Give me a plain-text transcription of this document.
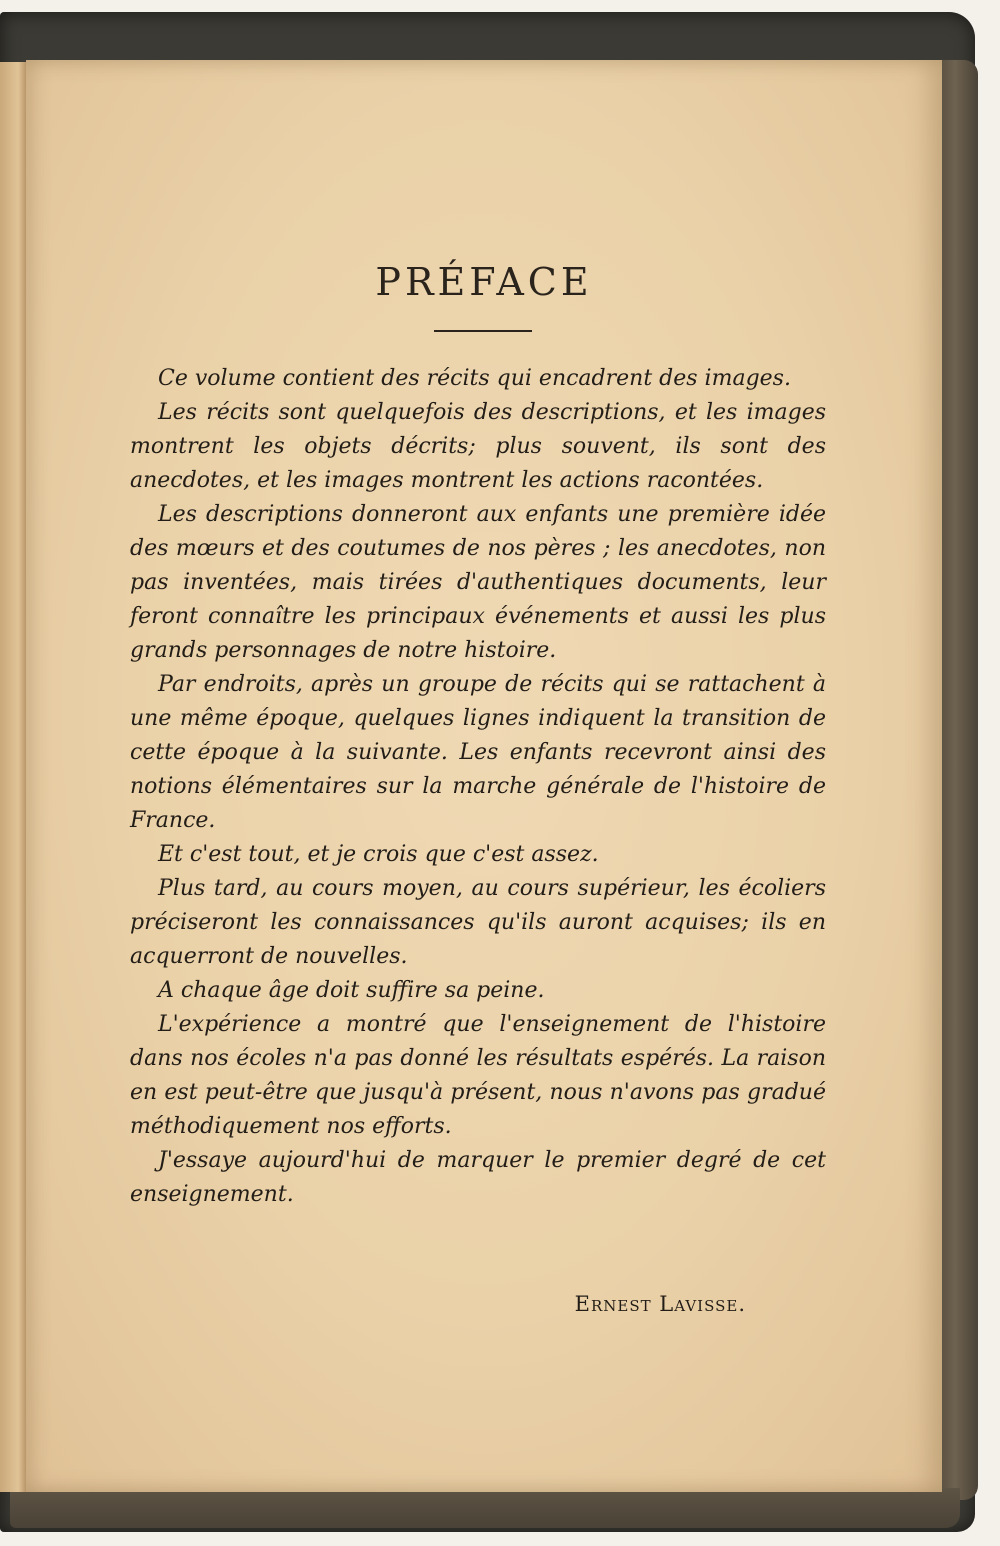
PRÉFACE

Ce volume contient des récits qui encadrent des images.

Les récits sont quelquefois des descriptions, et les images montrent les objets décrits; plus souvent, ils sont des anecdotes, et les images montrent les actions racontées.

Les descriptions donneront aux enfants une première idée des mœurs et des coutumes de nos pères ; les anecdotes, non pas inventées, mais tirées d'authentiques documents, leur feront connaître les principaux événements et aussi les plus grands personnages de notre histoire.

Par endroits, après un groupe de récits qui se rattachent à une même époque, quelques lignes indiquent la transition de cette époque à la suivante. Les enfants recevront ainsi des notions élémentaires sur la marche générale de l'histoire de France.

Et c'est tout, et je crois que c'est assez.

Plus tard, au cours moyen, au cours supérieur, les écoliers préciseront les connaissances qu'ils auront acquises; ils en acquerront de nouvelles.

A chaque âge doit suffire sa peine.

L'expérience a montré que l'enseignement de l'histoire dans nos écoles n'a pas donné les résultats espérés. La raison en est peut-être que jusqu'à présent, nous n'avons pas gradué méthodiquement nos efforts.

J'essaye aujourd'hui de marquer le premier degré de cet enseignement.

Ernest Lavisse.
